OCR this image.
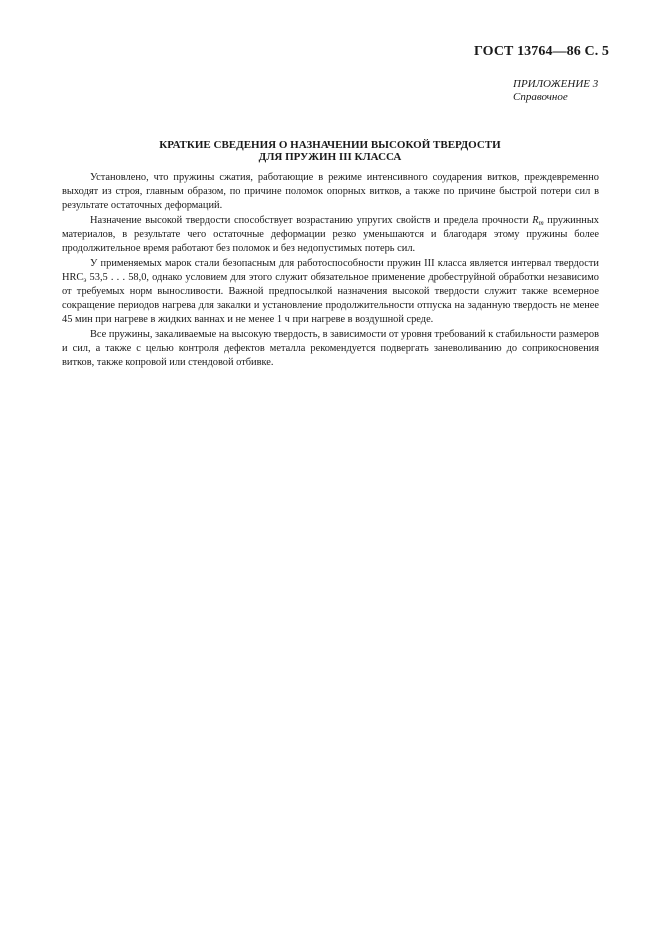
ГОСТ 13764—86 С. 5
ПРИЛОЖЕНИЕ 3
Справочное
КРАТКИЕ СВЕДЕНИЯ О НАЗНАЧЕНИИ ВЫСОКОЙ ТВЕРДОСТИ
ДЛЯ ПРУЖИН III КЛАССА

Установлено, что пружины сжатия, работающие в режиме интенсивного соударения витков, преждевременно выходят из строя, главным образом, по причине поломок опорных витков, а также по причине быстрой потери сил в результате остаточных деформаций.

Назначение высокой твердости способствует возрастанию упругих свойств и предела прочности $R_m$ пружинных материалов, в результате чего остаточные деформации резко уменьшаются и благодаря этому пружины более продолжительное время работают без поломок и без недопустимых потерь сил.

У применяемых марок стали безопасным для работоспособности пружин III класса является интервал твердости $HRC_э$ 53,5 . . . 58,0, однако условием для этого служит обязательное применение дробеструйной обработки независимо от требуемых норм выносливости. Важной предпосылкой назначения высокой твердости служит также всемерное сокращение периодов нагрева для закалки и установление продолжительности отпуска на заданную твердость не менее 45 мин при нагреве в жидких ваннах и не менее 1 ч при нагреве в воздушной среде.

Все пружины, закаливаемые на высокую твердость, в зависимости от уровня требований к стабильности размеров и сил, а также с целью контроля дефектов металла рекомендуется подвергать заневоливанию до соприкосновения витков, также копровой или стендовой отбивке.
